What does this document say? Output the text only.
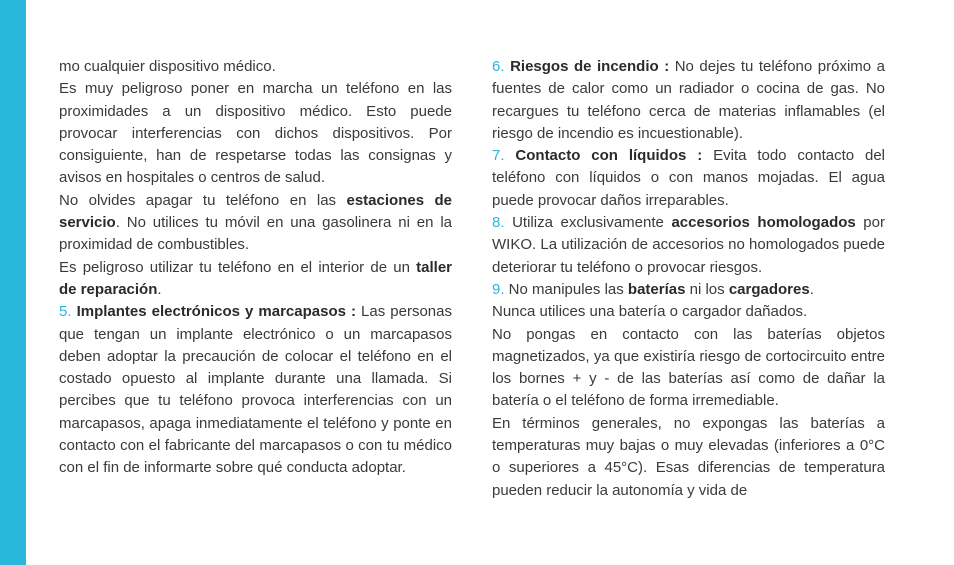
mo cualquier dispositivo médico.

Es muy peligroso poner en marcha un teléfono en las proximidades a un dispositivo médico. Esto puede provocar interferencias con dichos dispositivos. Por consiguiente, han de respetarse todas las consignas y avisos en hospitales o centros de salud.

No olvides apagar tu teléfono en las estaciones de servicio. No utilices tu móvil en una gasolinera ni en la proximidad de combustibles.

Es peligroso utilizar tu teléfono en el interior de un taller de reparación.

5. Implantes electrónicos y marcapasos : Las personas que tengan un implante electrónico o un marcapasos deben adoptar la precaución de colocar el teléfono en el costado opuesto al implante durante una llamada. Si percibes que tu teléfono provoca interferencias con un marcapasos, apaga inmediatamente el teléfono y ponte en contacto con el fabricante del marcapasos o con tu médico con el fin de informarte sobre qué conducta adoptar.

6. Riesgos de incendio : No dejes tu teléfono próximo a fuentes de calor como un radiador o cocina de gas. No recargues tu teléfono cerca de materias inflamables (el riesgo de incendio es incuestionable).

7. Contacto con líquidos : Evita todo contacto del teléfono con líquidos o con manos mojadas. El agua puede provocar daños irreparables.

8. Utiliza exclusivamente accesorios homologados por WIKO. La utilización de accesorios no homologados puede deteriorar tu teléfono o provocar riesgos.

9. No manipules las baterías ni los cargadores.

Nunca utilices una batería o cargador dañados.

No pongas en contacto con las baterías objetos magnetizados, ya que existiría riesgo de cortocircuito entre los bornes + y - de las baterías así como de dañar la batería o el teléfono de forma irremediable.

En términos generales, no expongas las baterías a temperaturas muy bajas o muy elevadas (inferiores a 0°C o superiores a 45°C). Esas diferencias de temperatura pueden reducir la autonomía y vida de
